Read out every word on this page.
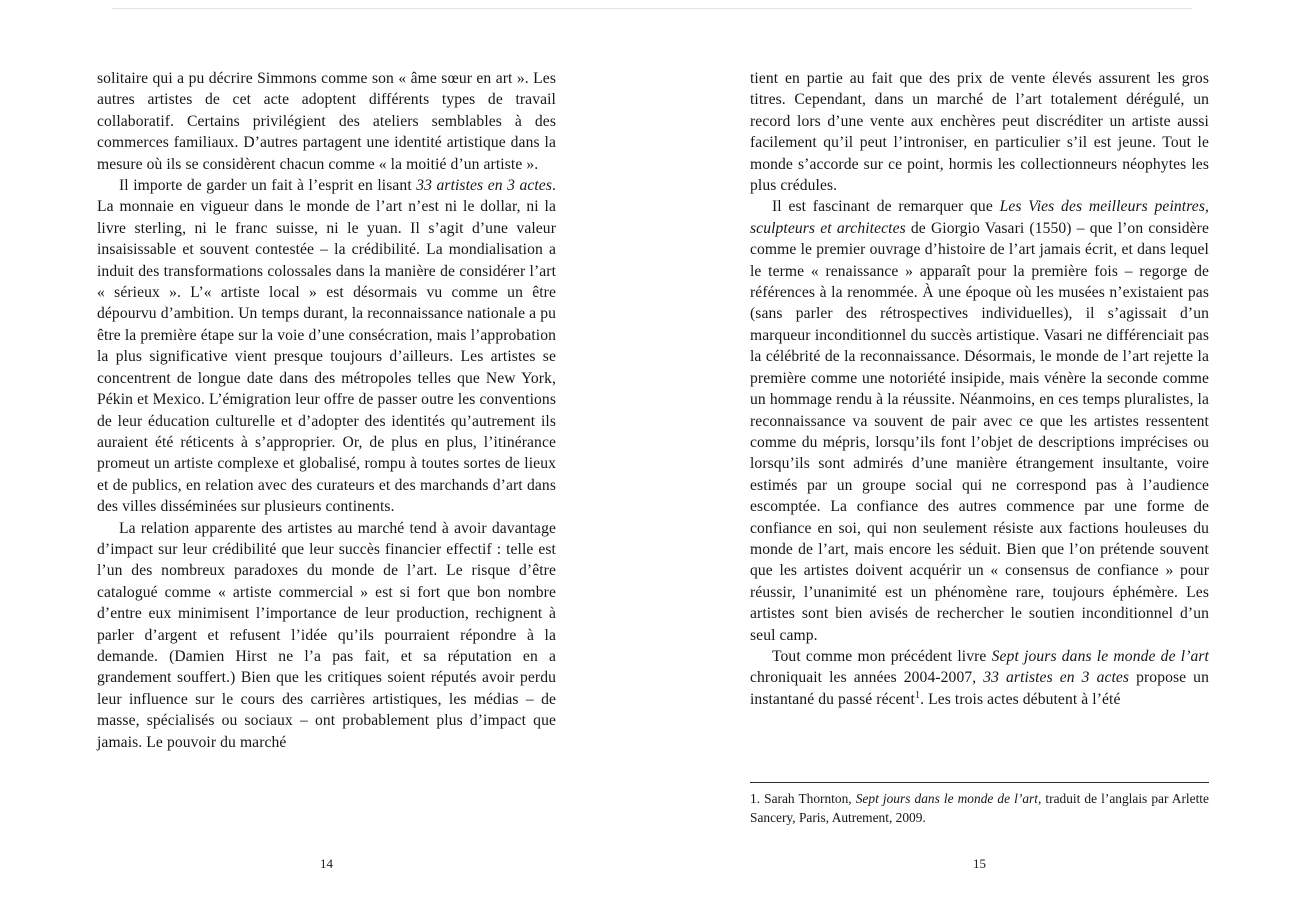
solitaire qui a pu décrire Simmons comme son « âme sœur en art ». Les autres artistes de cet acte adoptent différents types de travail collaboratif. Certains privilégient des ateliers semblables à des commerces familiaux. D’autres partagent une identité artistique dans la mesure où ils se considèrent chacun comme « la moitié d’un artiste ».

Il importe de garder un fait à l’esprit en lisant 33 artistes en 3 actes. La monnaie en vigueur dans le monde de l’art n’est ni le dollar, ni la livre sterling, ni le franc suisse, ni le yuan. Il s’agit d’une valeur insaisissable et souvent contestée – la crédibilité. La mondialisation a induit des transformations colossales dans la manière de considérer l’art « sérieux ». L’« artiste local » est désormais vu comme un être dépourvu d’ambition. Un temps durant, la reconnaissance nationale a pu être la première étape sur la voie d’une consécration, mais l’approbation la plus significative vient presque toujours d’ailleurs. Les artistes se concentrent de longue date dans des métropoles telles que New York, Pékin et Mexico. L’émigration leur offre de passer outre les conventions de leur éducation culturelle et d’adopter des identités qu’autrement ils auraient été réticents à s’approprier. Or, de plus en plus, l’itinérance promeut un artiste complexe et globalisé, rompu à toutes sortes de lieux et de publics, en relation avec des curateurs et des marchands d’art dans des villes disséminées sur plusieurs continents.

La relation apparente des artistes au marché tend à avoir davantage d’impact sur leur crédibilité que leur succès financier effectif : telle est l’un des nombreux paradoxes du monde de l’art. Le risque d’être catalogué comme « artiste commercial » est si fort que bon nombre d’entre eux minimisent l’importance de leur production, rechignent à parler d’argent et refusent l’idée qu’ils pourraient répondre à la demande. (Damien Hirst ne l’a pas fait, et sa réputation en a grandement souffert.) Bien que les critiques soient réputés avoir perdu leur influence sur le cours des carrières artistiques, les médias – de masse, spécialisés ou sociaux – ont probablement plus d’impact que jamais. Le pouvoir du marché

14

tient en partie au fait que des prix de vente élevés assurent les gros titres. Cependant, dans un marché de l’art totalement dérégulé, un record lors d’une vente aux enchères peut discréditer un artiste aussi facilement qu’il peut l’introniser, en particulier s’il est jeune. Tout le monde s’accorde sur ce point, hormis les collectionneurs néophytes les plus crédules.

Il est fascinant de remarquer que Les Vies des meilleurs peintres, sculpteurs et architectes de Giorgio Vasari (1550) – que l’on considère comme le premier ouvrage d’histoire de l’art jamais écrit, et dans lequel le terme « renaissance » apparaît pour la première fois – regorge de références à la renommée. À une époque où les musées n’existaient pas (sans parler des rétrospectives individuelles), il s’agissait d’un marqueur inconditionnel du succès artistique. Vasari ne différenciait pas la célébrité de la reconnaissance. Désormais, le monde de l’art rejette la première comme une notoriété insipide, mais vénère la seconde comme un hommage rendu à la réussite. Néanmoins, en ces temps pluralistes, la reconnaissance va souvent de pair avec ce que les artistes ressentent comme du mépris, lorsqu’ils font l’objet de descriptions imprécises ou lorsqu’ils sont admirés d’une manière étrangement insultante, voire estimés par un groupe social qui ne correspond pas à l’audience escomptée. La confiance des autres commence par une forme de confiance en soi, qui non seulement résiste aux factions houleuses du monde de l’art, mais encore les séduit. Bien que l’on prétende souvent que les artistes doivent acquérir un « consensus de confiance » pour réussir, l’unanimité est un phénomène rare, toujours éphémère. Les artistes sont bien avisés de rechercher le soutien inconditionnel d’un seul camp.

Tout comme mon précédent livre Sept jours dans le monde de l’art chroniquait les années 2004-2007, 33 artistes en 3 actes propose un instantané du passé récent$^1$. Les trois actes débutent à l’été

1. Sarah Thornton, Sept jours dans le monde de l’art, traduit de l’anglais par Arlette Sancery, Paris, Autrement, 2009.

15
